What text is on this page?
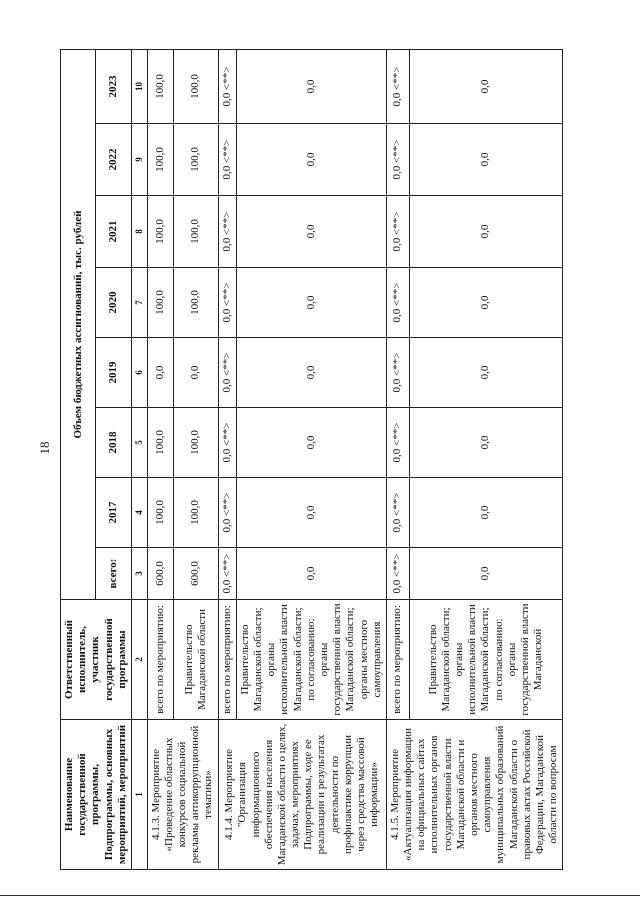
18
Наименование государственной программы, Подпрограммы, основных мероприятий, мероприятий	Ответственный исполнитель, участник государственной программы	Объем бюджетных ассигнований, тыс. рублей							
		всего:	2017	2018	2019	2020	2021	2022	2023
1	2	3	4	5	6	7	8	9	10
4.1.3. Мероприятие «Проведение областных конкурсов социальной рекламы антикоррупционной тематики»	всего по мероприятию:	600,0	100,0	100,0	0,0	100,0	100,0	100,0	100,0
	Правительство Магаданской области	600,0	100,0	100,0	0,0	100,0	100,0	100,0	100,0
4.1.4. Мероприятие "Организация информационного обеспечения населения Магаданской области о целях, задачах, мероприятиях Подпрограммы, ходе ее реализации и результатах деятельности по профилактике коррупции через средства массовой информации»	всего по мероприятию:	0,0 <**>	0,0 <**>	0,0 <**>	0,0 <**>	0,0 <**>	0,0 <**>	0,0 <**>	0,0 <**>
	Правительство Магаданской области; органы исполнительной власти Магаданской области; по согласованию: органы государственной власти Магаданской области; органы местного самоуправления	0,0	0,0	0,0	0,0	0,0	0,0	0,0	0,0
4.1.5. Мероприятие «Актуализация информации на официальных сайтах исполнительных органов государственной власти Магаданской области и органов местного самоуправления муниципальных образований Магаданской области о правовых актах Российской Федерации, Магаданской области по вопросам	всего по мероприятию:	0,0 <**>	0,0 <**>	0,0 <**>	0,0 <**>	0,0 <**>	0,0 <**>	0,0 <**>	0,0 <**>
	Правительство Магаданской области; органы исполнительной власти Магаданской области; по согласованию: органы государственной власти Магаданской	0,0	0,0	0,0	0,0	0,0	0,0	0,0	0,0
